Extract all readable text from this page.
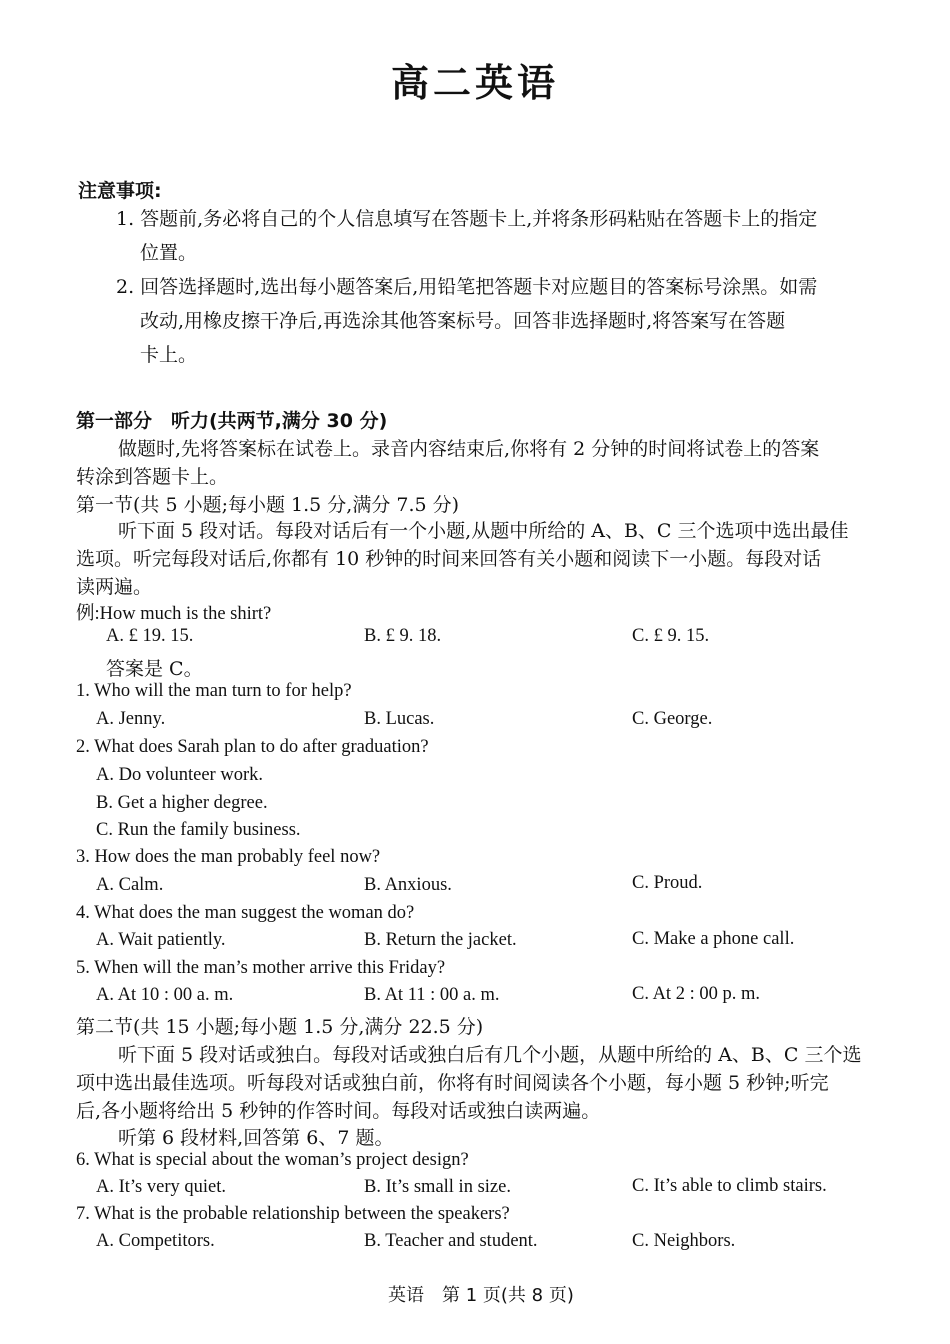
高二英语
注意事项:
1. 答题前,务必将自己的个人信息填写在答题卡上,并将条形码粘贴在答题卡上的指定
位置。
2. 回答选择题时,选出每小题答案后,用铅笔把答题卡对应题目的答案标号涂黑。如需
改动,用橡皮擦干净后,再选涂其他答案标号。回答非选择题时,将答案写在答题
卡上。
第一部分　听力(共两节,满分 30 分)
做题时,先将答案标在试卷上。录音内容结束后,你将有 2 分钟的时间将试卷上的答案
转涂到答题卡上。
第一节(共 5 小题;每小题 1.5 分,满分 7.5 分)
听下面 5 段对话。每段对话后有一个小题,从题中所给的 A、B、C 三个选项中选出最佳
选项。听完每段对话后,你都有 10 秒钟的时间来回答有关小题和阅读下一小题。每段对话
读两遍。
例:How much is the shirt?
A. £ 19. 15.	B. £ 9. 18.	C. £ 9. 15.
答案是 C。
1. Who will the man turn to for help?
A. Jenny.	B. Lucas.	C. George.
2. What does Sarah plan to do after graduation?
A. Do volunteer work.
B. Get a higher degree.
C. Run the family business.
3. How does the man probably feel now?
A. Calm.	B. Anxious.	C. Proud.
4. What does the man suggest the woman do?
A. Wait patiently.	B. Return the jacket.	C. Make a phone call.
5. When will the man’s mother arrive this Friday?
A. At 10 : 00 a. m.	B. At 11 : 00 a. m.	C. At 2 : 00 p. m.
第二节(共 15 小题;每小题 1.5 分,满分 22.5 分)
听下面 5 段对话或独白。每段对话或独白后有几个小题，从题中所给的 A、B、C 三个选
项中选出最佳选项。听每段对话或独白前，你将有时间阅读各个小题，每小题 5 秒钟;听完
后,各小题将给出 5 秒钟的作答时间。每段对话或独白读两遍。
听第 6 段材料,回答第 6、7 题。
6. What is special about the woman’s project design?
A. It’s very quiet.	B. It’s small in size.	C. It’s able to climb stairs.
7. What is the probable relationship between the speakers?
A. Competitors.	B. Teacher and student.	C. Neighbors.
英语　第 1 页(共 8 页)
